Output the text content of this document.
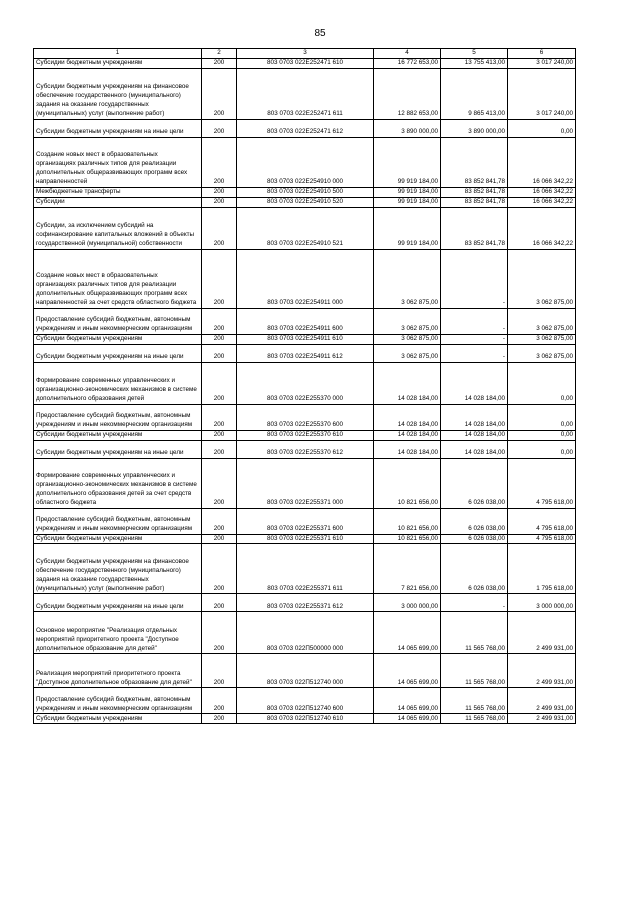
85
1	2	3	4	5	6
Субсидии бюджетным учреждениям	200	803 0703 022E252471 610	16 772 653,00	13 755 413,00	3 017 240,00
Субсидии бюджетным учреждениям на финансовое обеспечение государственного (муниципального) задания на оказание государственных (муниципальных) услуг (выполнение работ)	200	803 0703 022E252471 611	12 882 653,00	9 865 413,00	3 017 240,00
Субсидии бюджетным учреждениям на иные цели	200	803 0703 022E252471 612	3 890 000,00	3 890 000,00	0,00
Создание новых мест в образовательных организациях различных типов для реализации дополнительных общеразвивающих программ всех направленностей	200	803 0703 022E254910 000	99 919 184,00	83 852 841,78	16 066 342,22
Межбюджетные трансферты	200	803 0703 022E254910 500	99 919 184,00	83 852 841,78	16 066 342,22
Субсидии	200	803 0703 022E254910 520	99 919 184,00	83 852 841,78	16 066 342,22
Субсидии, за исключением субсидий на софинансирование капитальных вложений в объекты государственной (муниципальной) собственности	200	803 0703 022E254910 521	99 919 184,00	83 852 841,78	16 066 342,22
Создание новых мест в образовательных организациях различных типов для реализации дополнительных общеразвивающих программ всех направленностей за счет средств областного бюджета	200	803 0703 022E254911 000	3 062 875,00	-	3 062 875,00
Предоставление субсидий бюджетным, автономным учреждениям и иным некоммерческим организациям	200	803 0703 022E254911 600	3 062 875,00	-	3 062 875,00
Субсидии бюджетным учреждениям	200	803 0703 022E254911 610	3 062 875,00	-	3 062 875,00
Субсидии бюджетным учреждениям на иные цели	200	803 0703 022E254911 612	3 062 875,00	-	3 062 875,00
Формирование современных управленческих и организационно-экономических механизмов в системе дополнительного образования детей	200	803 0703 022E255370 000	14 028 184,00	14 028 184,00	0,00
Предоставление субсидий бюджетным, автономным учреждениям и иным некоммерческим организациям	200	803 0703 022E255370 600	14 028 184,00	14 028 184,00	0,00
Субсидии бюджетным учреждениям	200	803 0703 022E255370 610	14 028 184,00	14 028 184,00	0,00
Субсидии бюджетным учреждениям на иные цели	200	803 0703 022E255370 612	14 028 184,00	14 028 184,00	0,00
Формирование современных управленческих и организационно-экономических механизмов в системе дополнительного образования детей за счет средств областного бюджета	200	803 0703 022E255371 000	10 821 656,00	6 026 038,00	4 795 618,00
Предоставление субсидий бюджетным, автономным учреждениям и иным некоммерческим организациям	200	803 0703 022E255371 600	10 821 656,00	6 026 038,00	4 795 618,00
Субсидии бюджетным учреждениям	200	803 0703 022E255371 610	10 821 656,00	6 026 038,00	4 795 618,00
Субсидии бюджетным учреждениям на финансовое обеспечение государственного (муниципального) задания на оказание государственных (муниципальных) услуг (выполнение работ)	200	803 0703 022E255371 611	7 821 656,00	6 026 038,00	1 795 618,00
Субсидии бюджетным учреждениям на иные цели	200	803 0703 022E255371 612	3 000 000,00	-	3 000 000,00
Основное мероприятие "Реализация отдельных мероприятий приоритетного проекта "Доступное дополнительное образование для детей"	200	803 0703 022П500000 000	14 065 699,00	11 565 768,00	2 499 931,00
Реализация мероприятий приоритетного проекта "Доступное дополнительное образование для детей"	200	803 0703 022П512740 000	14 065 699,00	11 565 768,00	2 499 931,00
Предоставление субсидий бюджетным, автономным учреждениям и иным некоммерческим организациям	200	803 0703 022П512740 600	14 065 699,00	11 565 768,00	2 499 931,00
Субсидии бюджетным учреждениям	200	803 0703 022П512740 610	14 065 699,00	11 565 768,00	2 499 931,00
